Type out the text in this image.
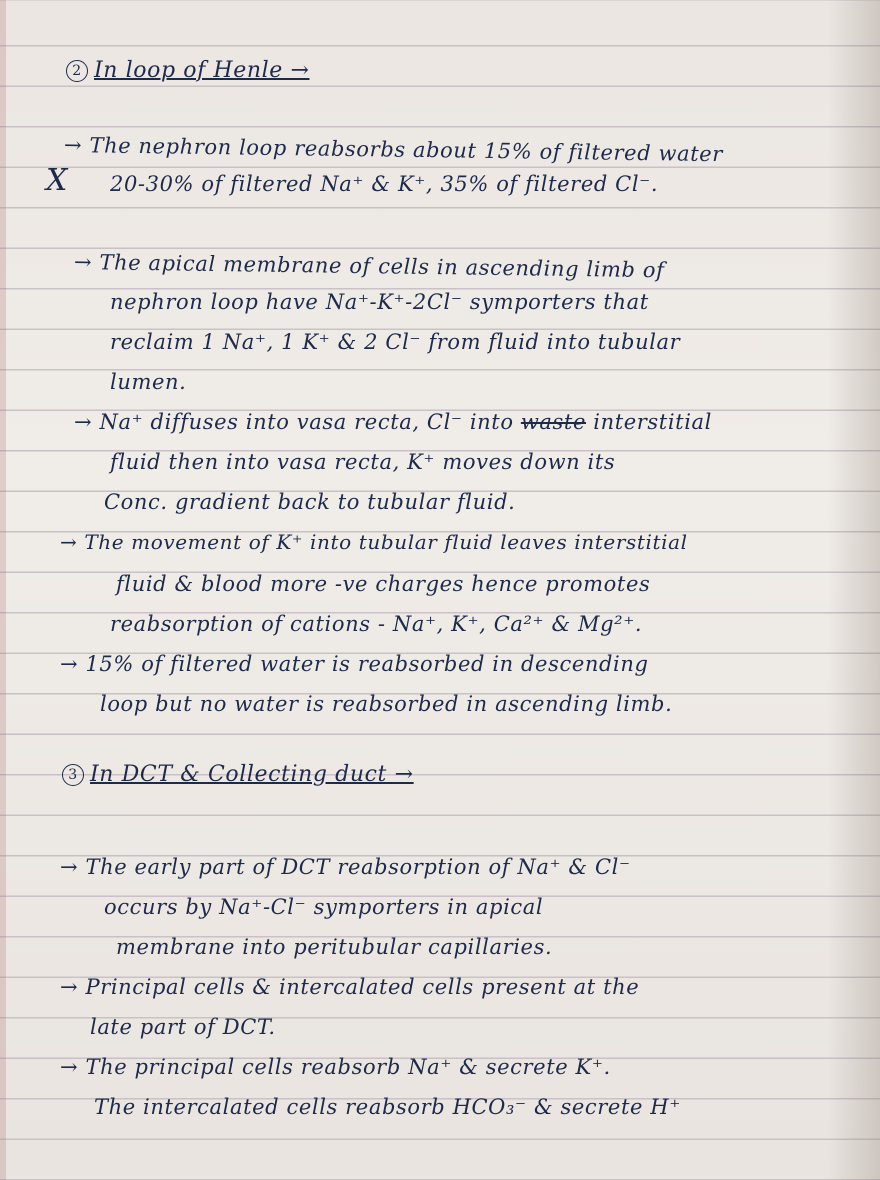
2 In loop of Henle →
X
→ The nephron loop reabsorbs about 15% of filtered water
20-30% of filtered Na⁺ & K⁺, 35% of filtered Cl⁻.
→ The apical membrane of cells in ascending limb of
nephron loop have Na⁺-K⁺-2Cl⁻ symporters that
reclaim 1 Na⁺, 1 K⁺ & 2 Cl⁻ from fluid into tubular
lumen.
→ Na⁺ diffuses into vasa recta, Cl⁻ into waste interstitial
fluid then into vasa recta, K⁺ moves down its
Conc. gradient back to tubular fluid.
→ The movement of K⁺ into tubular fluid leaves interstitial
fluid & blood more -ve charges hence promotes
reabsorption of cations - Na⁺, K⁺, Ca²⁺ & Mg²⁺.
→ 15% of filtered water is reabsorbed in descending
loop but no water is reabsorbed in ascending limb.
3 In DCT & Collecting duct →
→ The early part of DCT reabsorption of Na⁺ & Cl⁻
occurs by Na⁺-Cl⁻ symporters in apical
membrane into peritubular capillaries.
→ Principal cells & intercalated cells present at the
late part of DCT.
→ The principal cells reabsorb Na⁺ & secrete K⁺.
The intercalated cells reabsorb HCO₃⁻ & secrete H⁺
